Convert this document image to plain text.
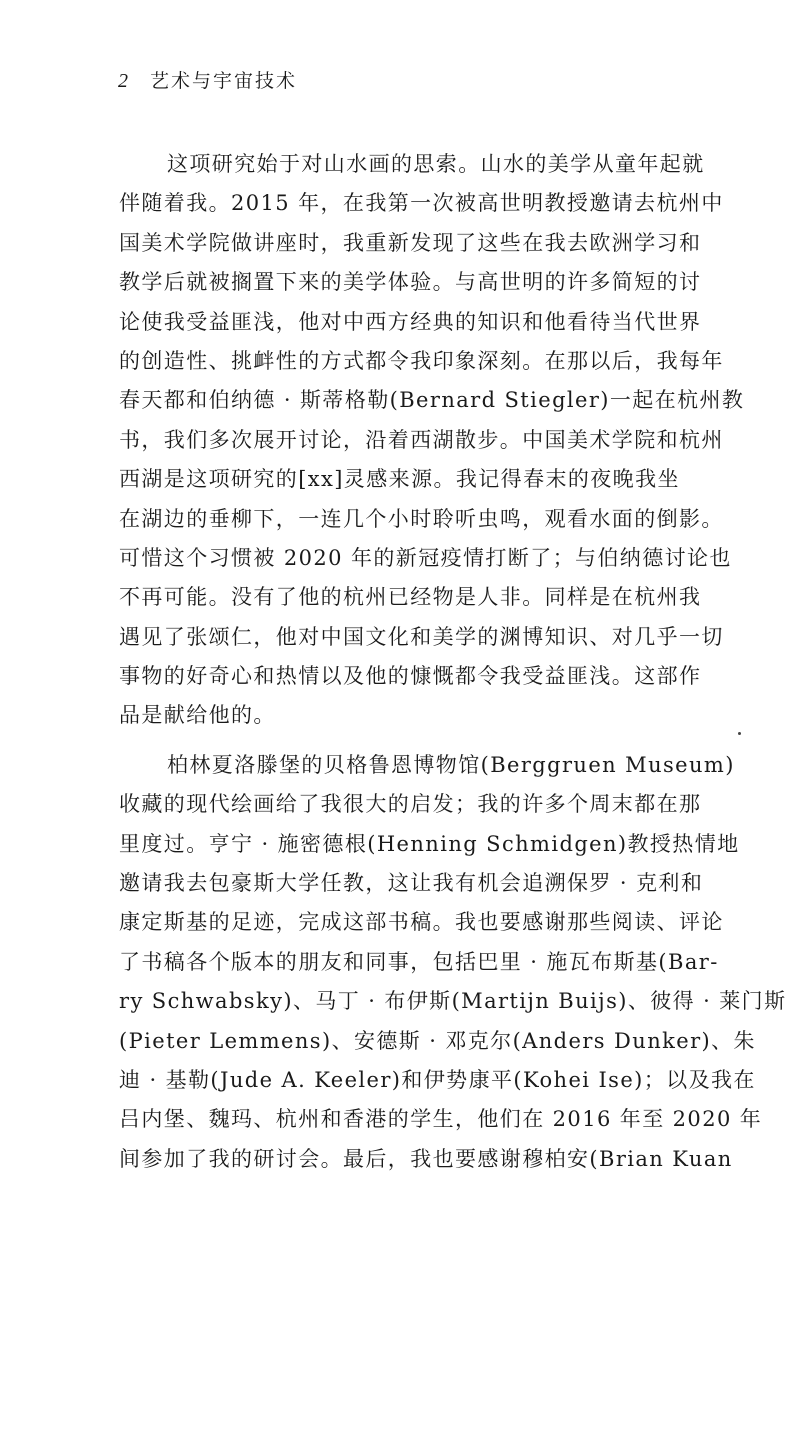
2 艺术与宇宙技术
这项研究始于对山水画的思索。山水的美学从童年起就
伴随着我。2015 年，在我第一次被高世明教授邀请去杭州中
国美术学院做讲座时，我重新发现了这些在我去欧洲学习和
教学后就被搁置下来的美学体验。与高世明的许多简短的讨
论使我受益匪浅，他对中西方经典的知识和他看待当代世界
的创造性、挑衅性的方式都令我印象深刻。在那以后，我每年
春天都和伯纳德 · 斯蒂格勒(Bernard Stiegler)一起在杭州教
书，我们多次展开讨论，沿着西湖散步。中国美术学院和杭州
西湖是这项研究的[xx]灵感来源。我记得春末的夜晚我坐
在湖边的垂柳下，一连几个小时聆听虫鸣，观看水面的倒影。
可惜这个习惯被 2020 年的新冠疫情打断了；与伯纳德讨论也
不再可能。没有了他的杭州已经物是人非。同样是在杭州我
遇见了张颂仁，他对中国文化和美学的渊博知识、对几乎一切
事物的好奇心和热情以及他的慷慨都令我受益匪浅。这部作
品是献给他的。
柏林夏洛滕堡的贝格鲁恩博物馆(Berggruen Museum)
收藏的现代绘画给了我很大的启发；我的许多个周末都在那
里度过。亨宁 · 施密德根(Henning Schmidgen)教授热情地
邀请我去包豪斯大学任教，这让我有机会追溯保罗 · 克利和
康定斯基的足迹，完成这部书稿。我也要感谢那些阅读、评论
了书稿各个版本的朋友和同事，包括巴里 · 施瓦布斯基(Bar-
ry Schwabsky)、马丁 · 布伊斯(Martijn Buijs)、彼得 · 莱门斯
(Pieter Lemmens)、安德斯 · 邓克尔(Anders Dunker)、朱
迪 · 基勒(Jude A. Keeler)和伊势康平(Kohei Ise)；以及我在
吕内堡、魏玛、杭州和香港的学生，他们在 2016 年至 2020 年
间参加了我的研讨会。最后，我也要感谢穆柏安(Brian Kuan
